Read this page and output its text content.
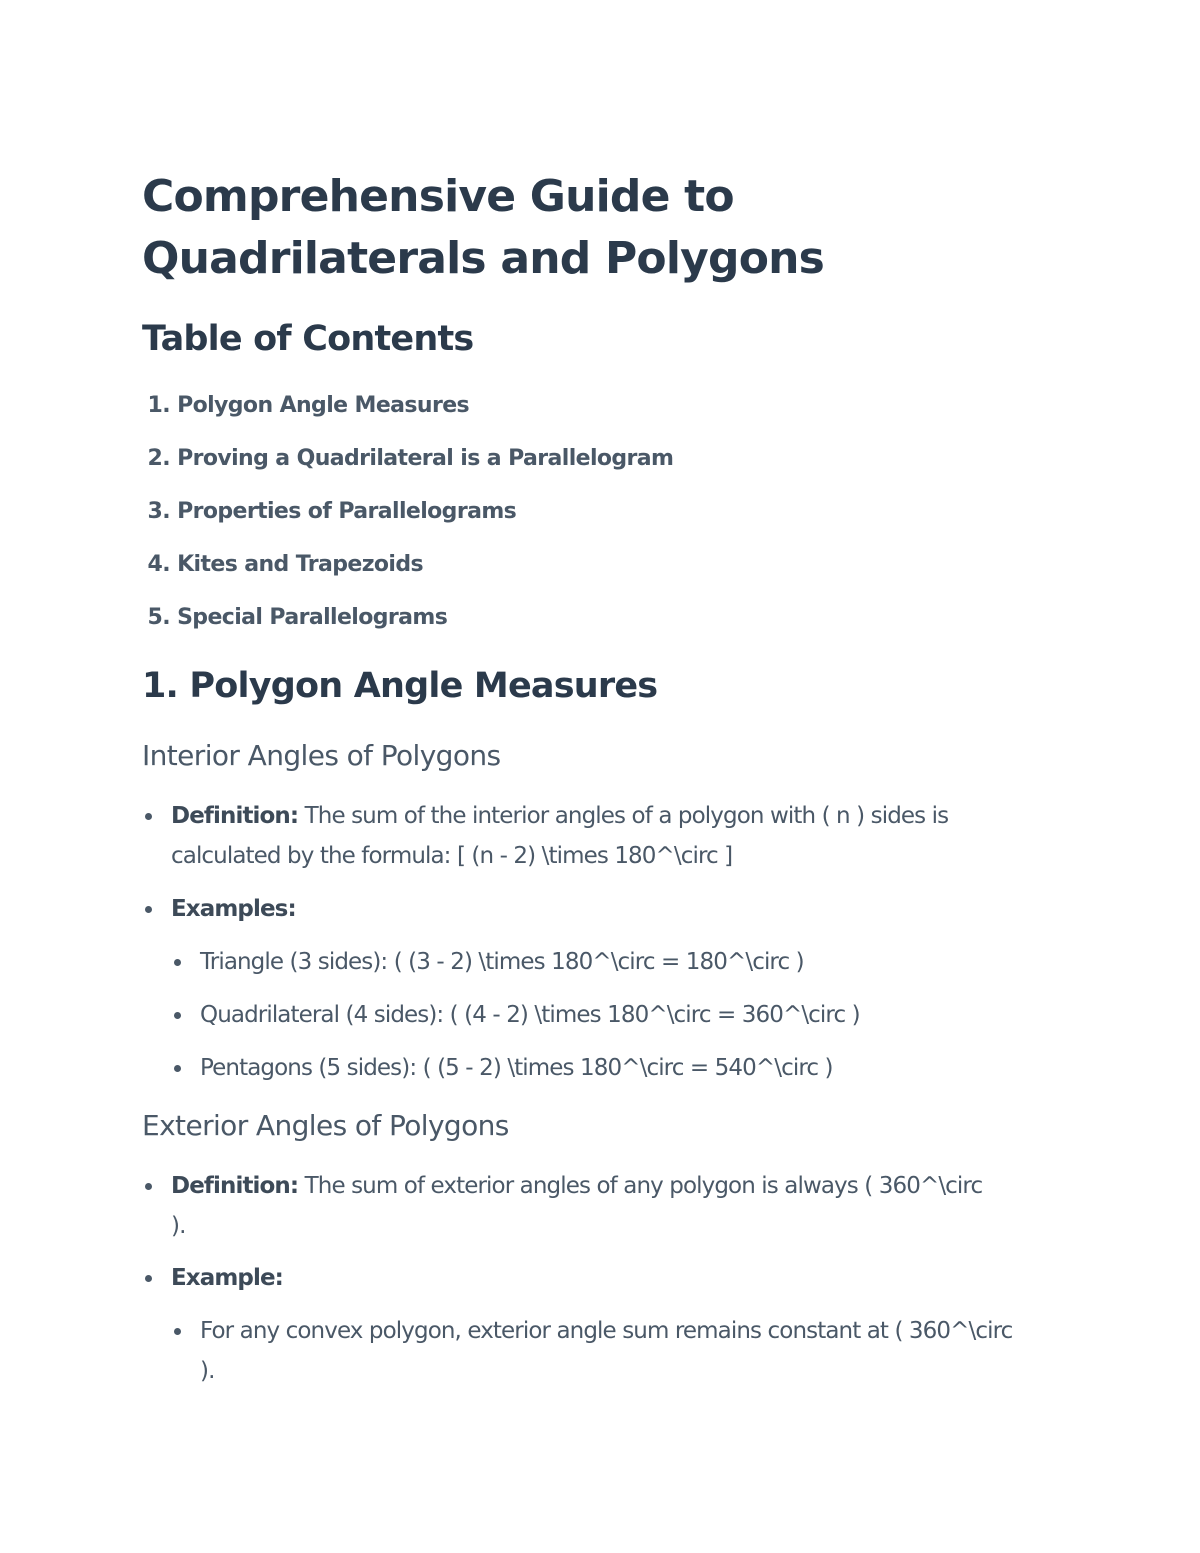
Comprehensive Guide to Quadrilaterals and Polygons
Table of Contents
1. Polygon Angle Measures
2. Proving a Quadrilateral is a Parallelogram
3. Properties of Parallelograms
4. Kites and Trapezoids
5. Special Parallelograms
1. Polygon Angle Measures
Interior Angles of Polygons
Definition: The sum of the interior angles of a polygon with ( n ) sides is calculated by the formula: [ (n - 2) \times 180^\circ ]
Examples:
Triangle (3 sides): ( (3 - 2) \times 180^\circ = 180^\circ )
Quadrilateral (4 sides): ( (4 - 2) \times 180^\circ = 360^\circ )
Pentagons (5 sides): ( (5 - 2) \times 180^\circ = 540^\circ )
Exterior Angles of Polygons
Definition: The sum of exterior angles of any polygon is always ( 360^\circ ).
Example:
For any convex polygon, exterior angle sum remains constant at ( 360^\circ ).
